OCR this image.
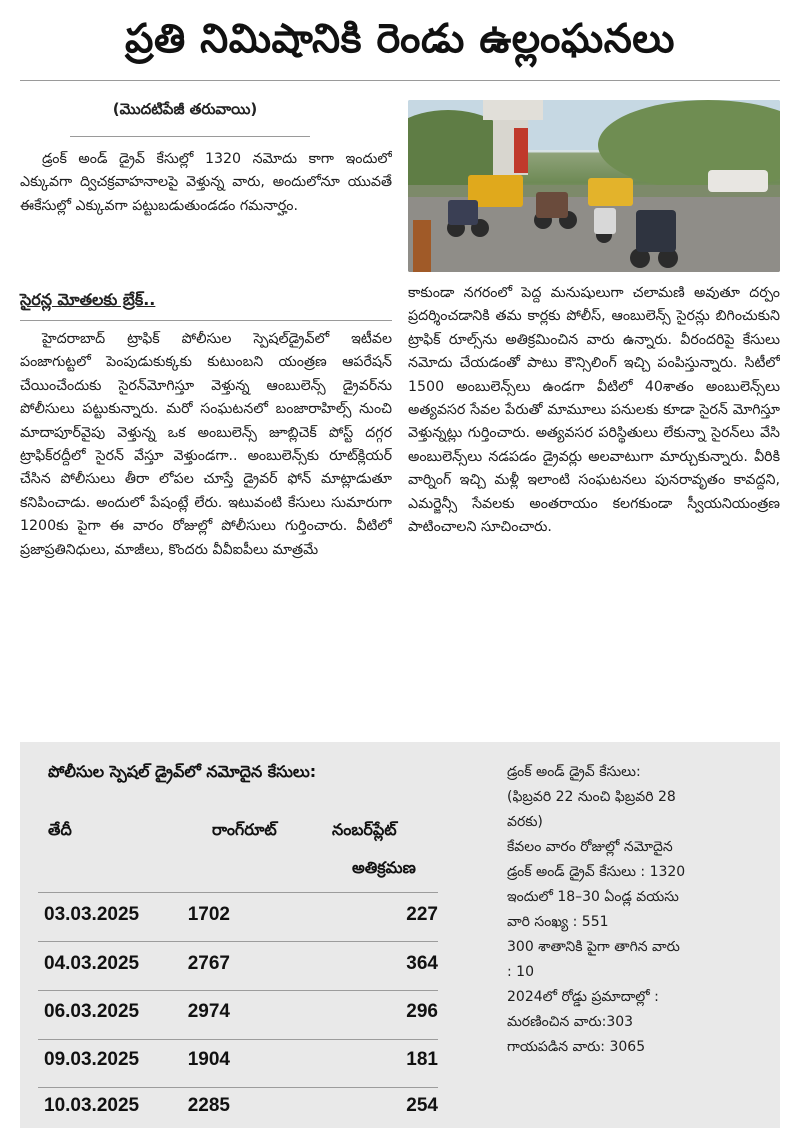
ప్రతి నిమిషానికి రెండు ఉల్లంఘనలు
(మొదటిపేజీ తరువాయి)
డ్రంక్ అండ్ డ్రైవ్ కేసుల్లో 1320 నమోదు కాగా ఇందులో ఎక్కువగా ద్విచక్రవాహనాలపై వెళ్తున్న వారు, అందులోనూ యువతే ఈకేసుల్లో ఎక్కువగా పట్టుబడుతుండడం గమనార్హం.
సైరన్ల మోతలకు బ్రేక్..
హైదరాబాద్ ట్రాఫిక్ పోలీసుల స్పెషల్‌డ్రైవ్‌లో ఇటీవల పంజాగుట్టలో పెంపుడుకుక్కకు కుటుంబని యంత్రణ ఆపరేషన్ చేయించేందుకు సైరన్‌మోగిస్తూ వెళ్తున్న ఆంబులెన్స్ డ్రైవర్‌ను పోలీసులు పట్టుకున్నారు. మరో సంఘటనలో బంజారాహిల్స్ నుంచి మాదాపూర్‌వైపు వెళ్తున్న ఒక అంబులెన్స్ జూబ్లిచెక్ పోస్ట్ దగ్గర ట్రాఫిక్‌రద్దీలో సైరన్ వేస్తూ వెళ్తుండగా.. అంబులెన్స్‌కు రూట్‌క్లియర్ చేసిన పోలీసులు తీరా లోపల చూస్తే డ్రైవర్ ఫోన్ మాట్లాడుతూ కనిపించాడు. అందులో పేషంట్లే లేరు. ఇటువంటి కేసులు సుమారుగా 1200కు పైగా ఈ వారం రోజుల్లో పోలీసులు గుర్తించారు. వీటిలో ప్రజాప్రతినిధులు, మాజీలు, కొందరు వీవీఐపీలు మాత్రమే
కాకుండా నగరంలో పెద్ద మనుషులుగా చలామణి అవుతూ దర్పం ప్రదర్శించడానికి తమ కార్లకు పోలీస్, ఆంబులెన్స్ సైరన్లు బిగించుకుని ట్రాఫిక్ రూల్స్‌ను అతిక్రమించిన వారు ఉన్నారు. వీరందరిపై కేసులు నమోదు చేయడంతో పాటు కౌన్సిలింగ్ ఇచ్చి పంపిస్తున్నారు. సిటీలో 1500 అంబులెన్స్‌లు ఉండగా వీటిలో 40శాతం అంబులెన్స్‌లు అత్యవసర సేవల పేరుతో మామూలు పనులకు కూడా సైరన్ మోగిస్తూ వెళ్తున్నట్లు గుర్తించారు. అత్యవసర పరిస్థితులు లేకున్నా సైరన్‌లు వేసి అంబులెన్స్‌లు నడపడం డ్రైవర్లు అలవాటుగా మార్చుకున్నారు. వీరికి వార్నింగ్ ఇచ్చి మళ్లీ ఇలాంటి సంఘటనలు పునరావృతం కావద్దని, ఎమర్జెన్సీ సేవలకు అంతరాయం కలగకుండా స్వీయనియంత్రణ పాటించాలని సూచించారు.
పోలీసుల స్పెషల్ డ్రైవ్‌లో నమోదైన కేసులు:
తేదీ	రాంగ్‌రూట్	నంబర్‌ప్లేట్
అతిక్రమణ
03.03.2025	1702	227
04.03.2025	2767	364
06.03.2025	2974	296
09.03.2025	1904	181
10.03.2025	2285	254
డ్రంక్ అండ్ డ్రైవ్ కేసులు:
(ఫిబ్రవరి 22 నుంచి ఫిబ్రవరి 28
వరకు)
కేవలం వారం రోజుల్లో నమోదైన
డ్రంక్ అండ్ డ్రైవ్ కేసులు : 1320
ఇందులో 18–30 ఏండ్ల వయసు
వారి సంఖ్య : 551
300 శాతానికి పైగా తాగిన వారు
: 10
2024లో రోడ్డు ప్రమాదాల్లో :
మరణించిన వారు:303
గాయపడిన వారు: 3065
